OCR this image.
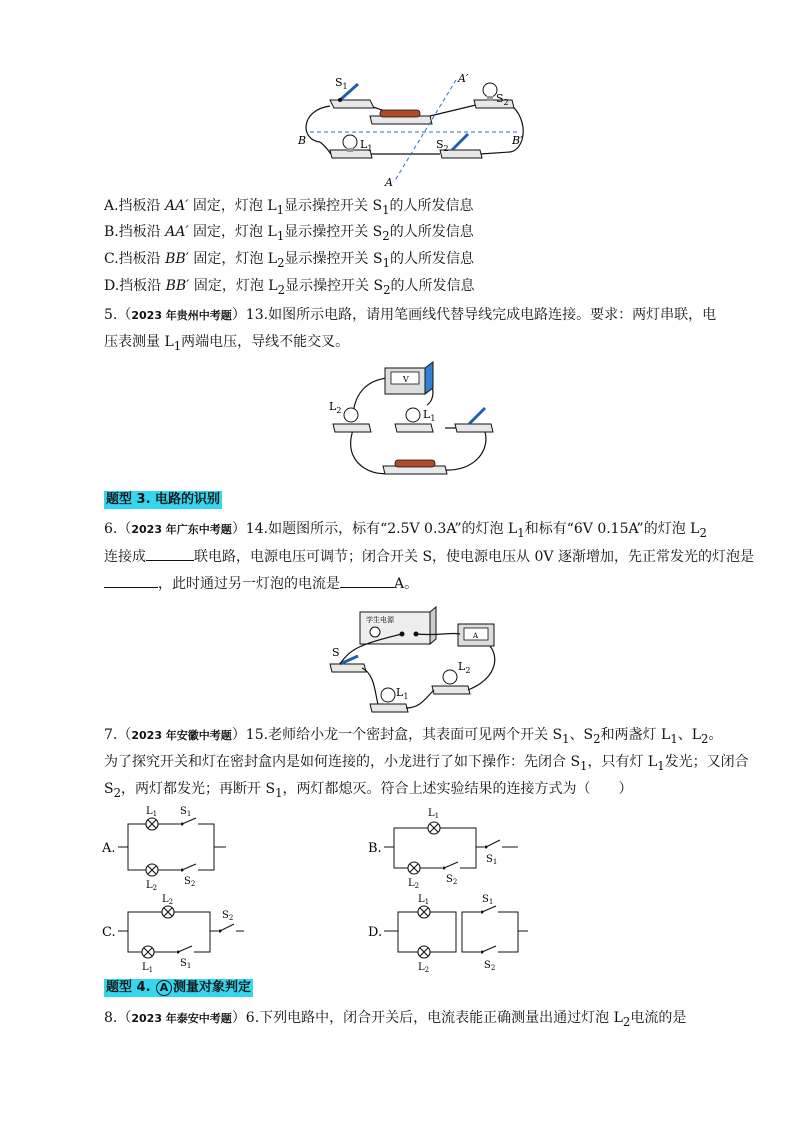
$S_1$
$S_2$
$S_2$
$L_1$
A′
A
B	B′
A.挡板沿 AA′ 固定，灯泡 $L_1$显示操控开关 $S_1$的人所发信息
B.挡板沿 AA′ 固定，灯泡 $L_1$显示操控开关 $S_2$的人所发信息
C.挡板沿 BB′ 固定，灯泡 $L_2$显示操控开关 $S_1$的人所发信息
D.挡板沿 BB′ 固定，灯泡 $L_2$显示操控开关 $S_2$的人所发信息
5.（2023 年贵州中考题）13.如图所示电路，请用笔画线代替导线完成电路连接。要求：两灯串联，电
压表测量 $L_1$两端电压，导线不能交叉。
V
$L_2$	$L_1$
题型 3. 电路的识别
6.（2023 年广东中考题）14.如题图所示，标有“2.5V 0.3A”的灯泡 $L_1$和标有“6V 0.15A”的灯泡 $L_2$
连接成	联电路，电源电压可调节；闭合开关 S，使电源电压从 0V 逐渐增加，先正常发光的灯泡是
，此时通过另一灯泡的电流是	A。
学生电源
A
S
$L_1$
$L_2$
7.（2023 年安徽中考题）15.老师给小龙一个密封盒，其表面可见两个开关 $S_1$、$S_2$和两盏灯 $L_1$、$L_2$。
为了探究开关和灯在密封盒内是如何连接的，小龙进行了如下操作：先闭合 $S_1$，只有灯 $L_1$发光；又闭合
$S_2$，两灯都发光；再断开 $S_1$，两灯都熄灭。符合上述实验结果的连接方式为（　　）
A.
$L_1$ $S_1$
$L_2$
$S_2$
B.
$L_1$
$S_1$
$L_2$
$S_2$
C.
$L_2$
$S_2$
$L_1$
$S_1$
D.
$L_1$
$L_2$
$S_1$
$S_2$
题型 4. A 测量对象判定
8.（2023 年泰安中考题）6.下列电路中，闭合开关后，电流表能正确测量出通过灯泡 $L_2$电流的是
